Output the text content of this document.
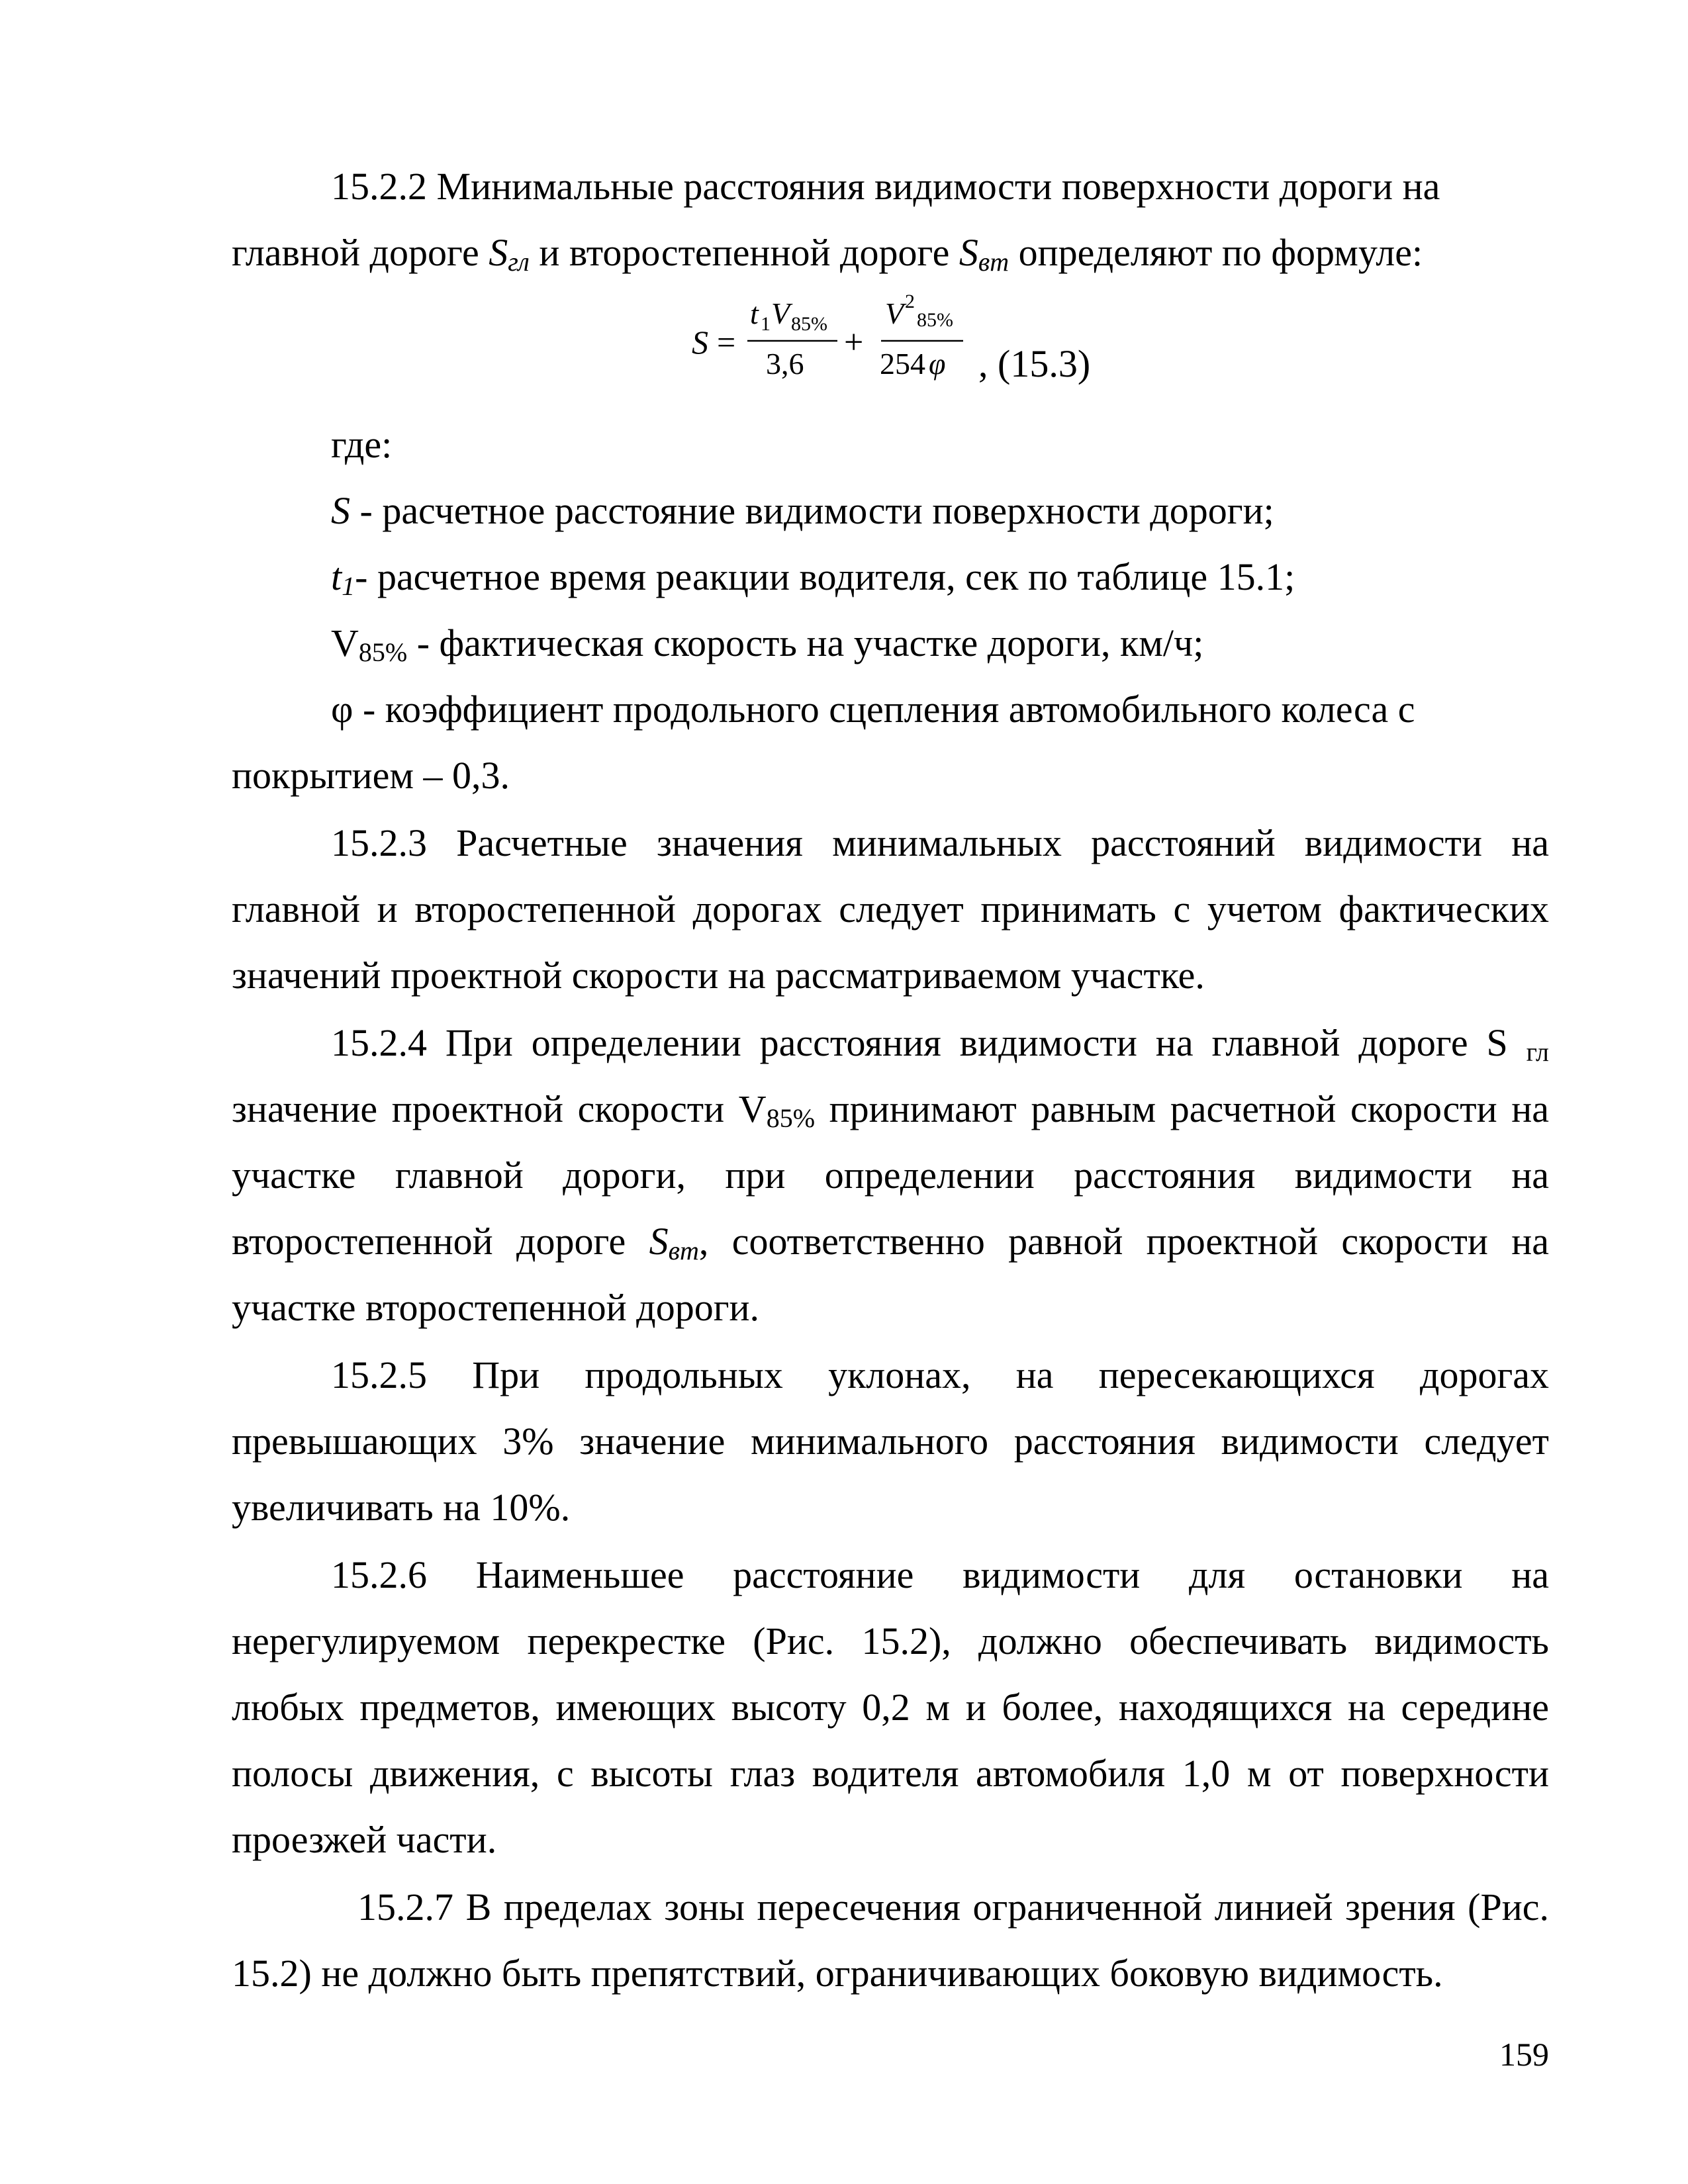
15.2.2 Минимальные расстояния видимости поверхности дороги на

главной дороге $S_{гл}$ и второстепенной дороге $S_{вт}$ определяют по формуле:

S =
t 1 V 85%
3,6
+
V 2
85%
254 φ , (15.3)

где:

S - расчетное расстояние видимости поверхности дороги;

$t_1-$ расчетное время реакции водителя, сек по таблице 15.1;

$V_{85\%}$ - фактическая скорость на участке дороги, км/ч;

φ - коэффициент продольного сцепления автомобильного колеса с

покрытием – 0,3.

15.2.3 Расчетные значения минимальных расстояний видимости на главной и второстепенной дорогах следует принимать с учетом фактических значений проектной скорости на рассматриваемом участке.

15.2.4 При определении расстояния видимости на главной дороге S $_{гл}$ значение проектной скорости $V_{85\%}$ принимают равным расчетной скорости на участке главной дороги, при определении расстояния видимости на второстепенной дороге $S_{вт}$, соответственно равной проектной скорости на участке второстепенной дороги.

15.2.5 При продольных уклонах, на пересекающихся дорогах превышающих 3% значение минимального расстояния видимости следует увеличивать на 10%.

15.2.6 Наименьшее расстояние видимости для остановки на нерегулируемом перекрестке (Рис. 15.2), должно обеспечивать видимость любых предметов, имеющих высоту 0,2 м и более, находящихся на середине полосы движения, с высоты глаз водителя автомобиля 1,0 м от поверхности проезжей части.

15.2.7 В пределах зоны пересечения ограниченной линией зрения (Рис. 15.2) не должно быть препятствий, ограничивающих боковую видимость.

159
